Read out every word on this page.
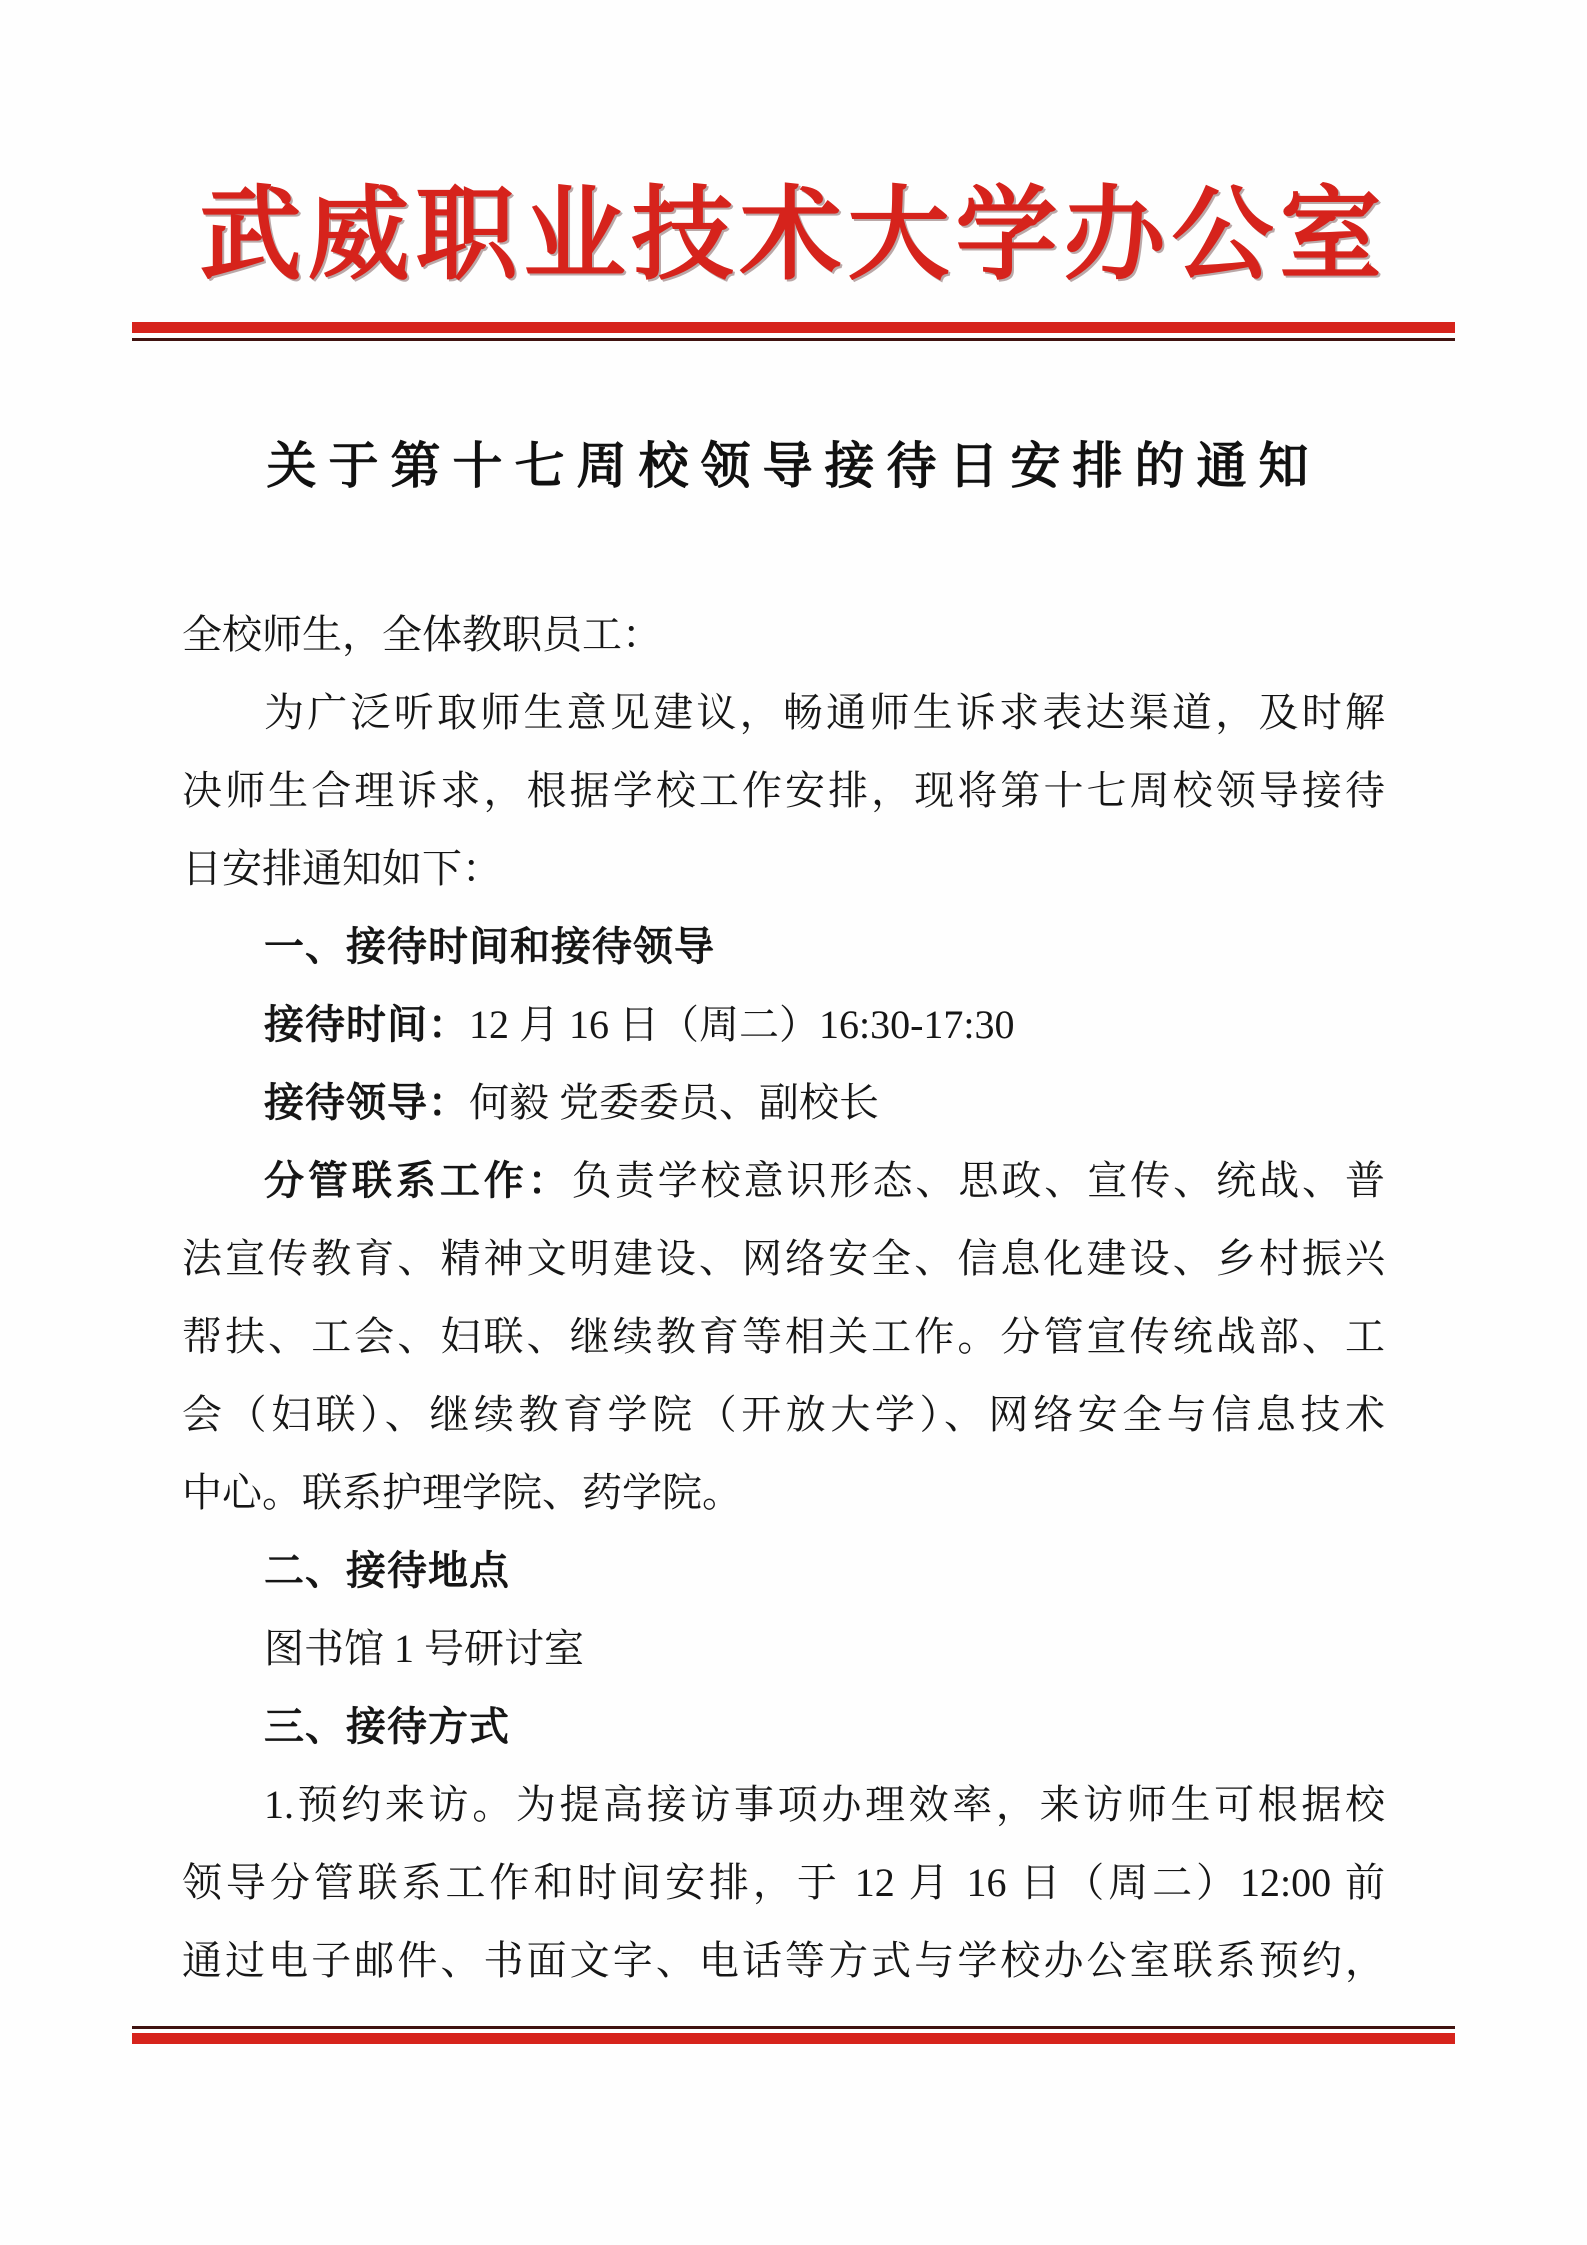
武威职业技术大学办公室
关于第十七周校领导接待日安排的通知
全校师生，全体教职员工：
为广泛听取师生意见建议，畅通师生诉求表达渠道，及时解
决师生合理诉求，根据学校工作安排，现将第十七周校领导接待
日安排通知如下：
一、接待时间和接待领导
接待时间：12 月 16 日（周二）16:30-17:30
接待领导：何毅 党委委员、副校长
分管联系工作：负责学校意识形态、思政、宣传、统战、普
法宣传教育、精神文明建设、网络安全、信息化建设、乡村振兴
帮扶、工会、妇联、继续教育等相关工作。分管宣传统战部、工
会（妇联）、继续教育学院（开放大学）、网络安全与信息技术
中心。联系护理学院、药学院。
二、接待地点
图书馆 1 号研讨室
三、接待方式
1.预约来访。为提高接访事项办理效率，来访师生可根据校
领导分管联系工作和时间安排，于 12 月 16 日（周二）12:00 前
通过电子邮件、书面文字、电话等方式与学校办公室联系预约，
